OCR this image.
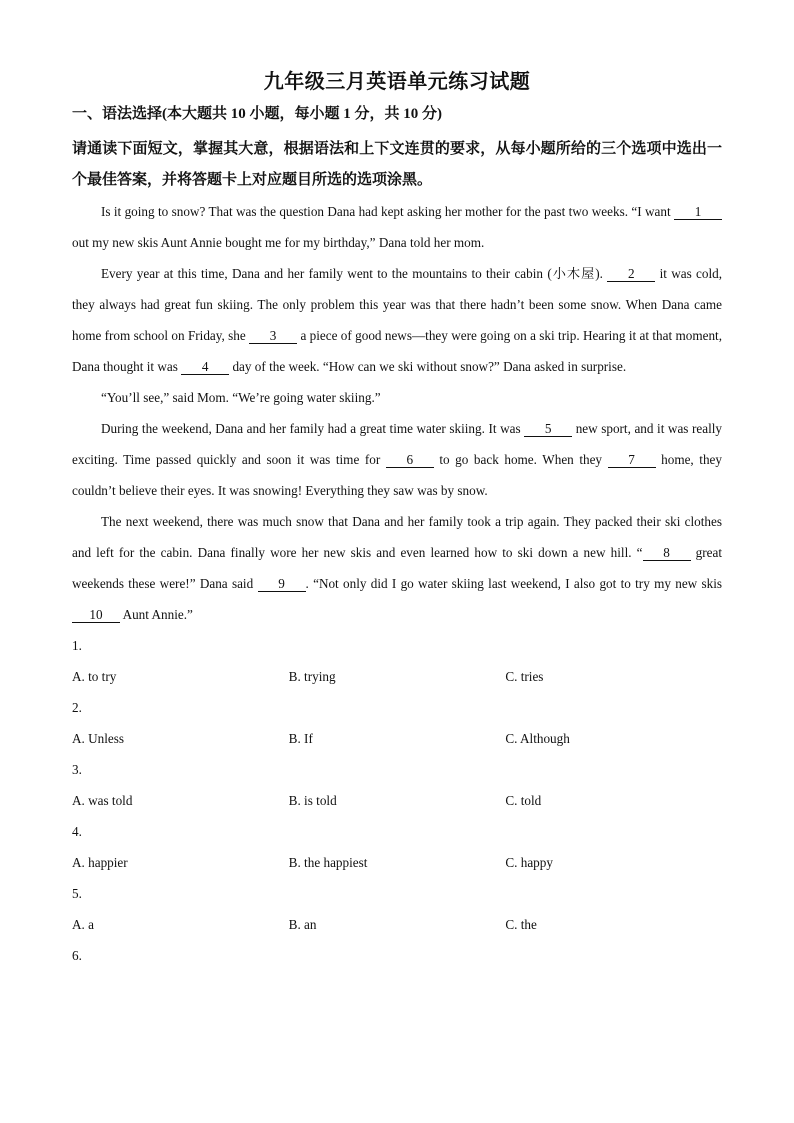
九年级三月英语单元练习试题
一、语法选择(本大题共 10 小题，每小题 1 分，共 10 分)
请通读下面短文，掌握其大意，根据语法和上下文连贯的要求，从每小题所给的三个选项中选出一个最佳答案，并将答题卡上对应题目所选的选项涂黑。

Is it going to snow? That was the question Dana had kept asking her mother for the past two weeks. “I want 1 out my new skis Aunt Annie bought me for my birthday,” Dana told her mom.

Every year at this time, Dana and her family went to the mountains to their cabin (小木屋). 2 it was cold, they always had great fun skiing. The only problem this year was that there hadn’t been some snow. When Dana came home from school on Friday, she 3 a piece of good news—they were going on a ski trip. Hearing it at that moment, Dana thought it was 4 day of the week. “How can we ski without snow?” Dana asked in surprise.

“You’ll see,” said Mom. “We’re going water skiing.”

During the weekend, Dana and her family had a great time water skiing. It was 5 new sport, and it was really exciting. Time passed quickly and soon it was time for 6 to go back home. When they 7 home, they couldn’t believe their eyes. It was snowing! Everything they saw was by snow.

The next weekend, there was much snow that Dana and her family took a trip again. They packed their ski clothes and left for the cabin. Dana finally wore her new skis and even learned how to ski down a new hill. “ 8 great weekends these were!” Dana said 9 . “Not only did I go water skiing last weekend, I also got to try my new skis 10 Aunt Annie.”

1.
A. to try	B. trying	C. tries
2.
A. Unless	B. If	C. Although
3.
A. was told	B. is told	C. told
4.
A. happier	B. the happiest	C. happy
5.
A. a	B. an	C. the
6.
